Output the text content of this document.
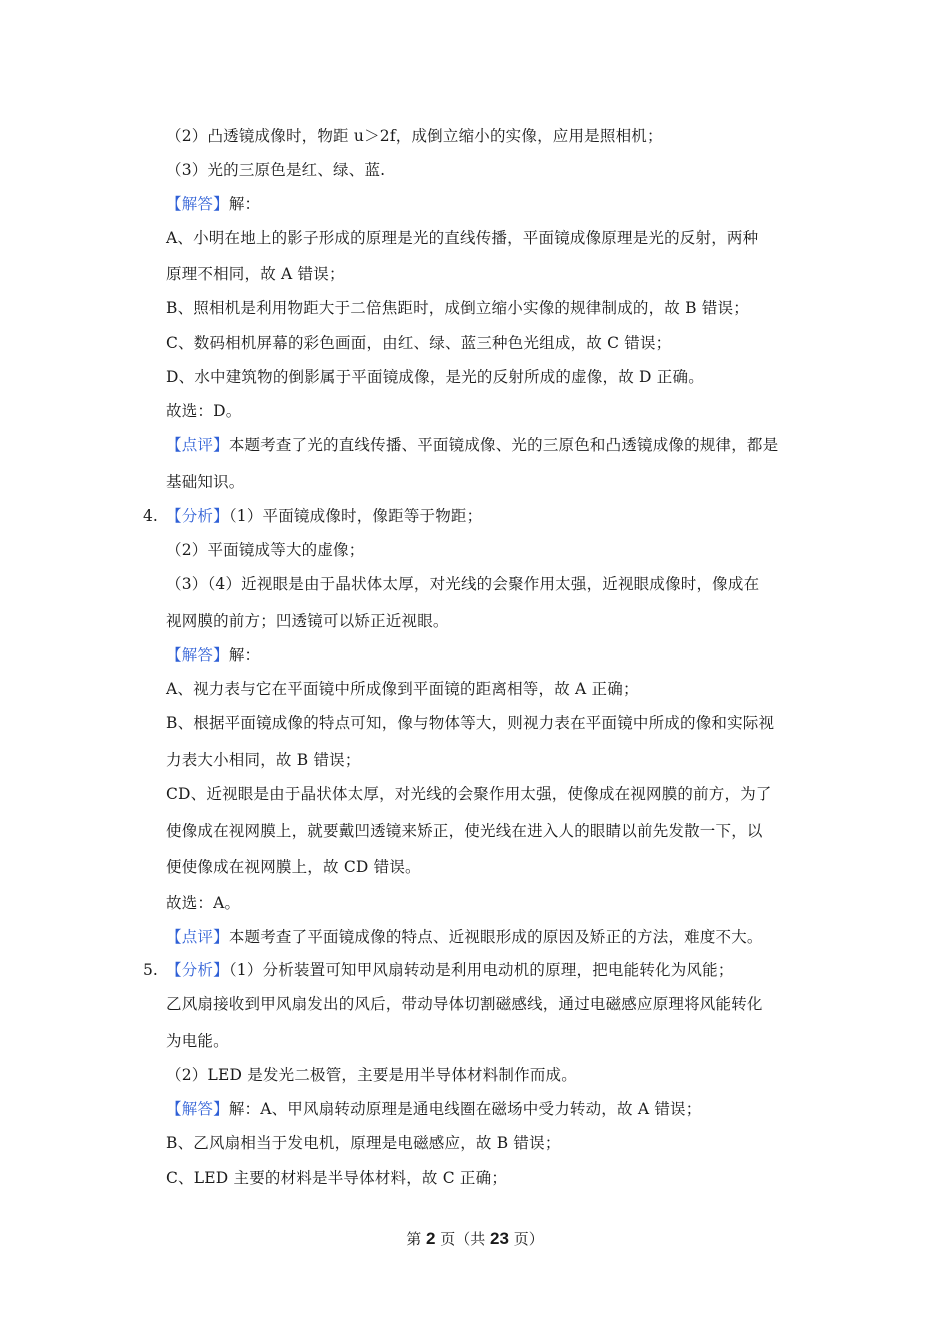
（2）凸透镜成像时，物距 u＞2f，成倒立缩小的实像，应用是照相机；
（3）光的三原色是红、绿、蓝.
【解答】解：
A、小明在地上的影子形成的原理是光的直线传播，平面镜成像原理是光的反射，两种
原理不相同，故 A 错误；
B、照相机是利用物距大于二倍焦距时，成倒立缩小实像的规律制成的，故 B 错误；
C、数码相机屏幕的彩色画面，由红、绿、蓝三种色光组成，故 C 错误；
D、水中建筑物的倒影属于平面镜成像，是光的反射所成的虚像，故 D 正确。
故选：D。
【点评】本题考查了光的直线传播、平面镜成像、光的三原色和凸透镜成像的规律，都是
基础知识。
4. 【分析】（1）平面镜成像时，像距等于物距；
（2）平面镜成等大的虚像；
（3）（4）近视眼是由于晶状体太厚，对光线的会聚作用太强，近视眼成像时，像成在
视网膜的前方；凹透镜可以矫正近视眼。
【解答】解：
A、视力表与它在平面镜中所成像到平面镜的距离相等，故 A 正确；
B、根据平面镜成像的特点可知，像与物体等大，则视力表在平面镜中所成的像和实际视
力表大小相同，故 B 错误；
CD、近视眼是由于晶状体太厚，对光线的会聚作用太强，使像成在视网膜的前方，为了
使像成在视网膜上，就要戴凹透镜来矫正，使光线在进入人的眼睛以前先发散一下，以
便使像成在视网膜上，故 CD 错误。
故选：A。
【点评】本题考查了平面镜成像的特点、近视眼形成的原因及矫正的方法，难度不大。
5. 【分析】（1）分析装置可知甲风扇转动是利用电动机的原理，把电能转化为风能；
乙风扇接收到甲风扇发出的风后，带动导体切割磁感线，通过电磁感应原理将风能转化
为电能。
（2）LED 是发光二极管，主要是用半导体材料制作而成。
【解答】解：A、甲风扇转动原理是通电线圈在磁场中受力转动，故 A 错误；
B、乙风扇相当于发电机，原理是电磁感应，故 B 错误；
C、LED 主要的材料是半导体材料，故 C 正确；
第 2 页（共 23 页）
